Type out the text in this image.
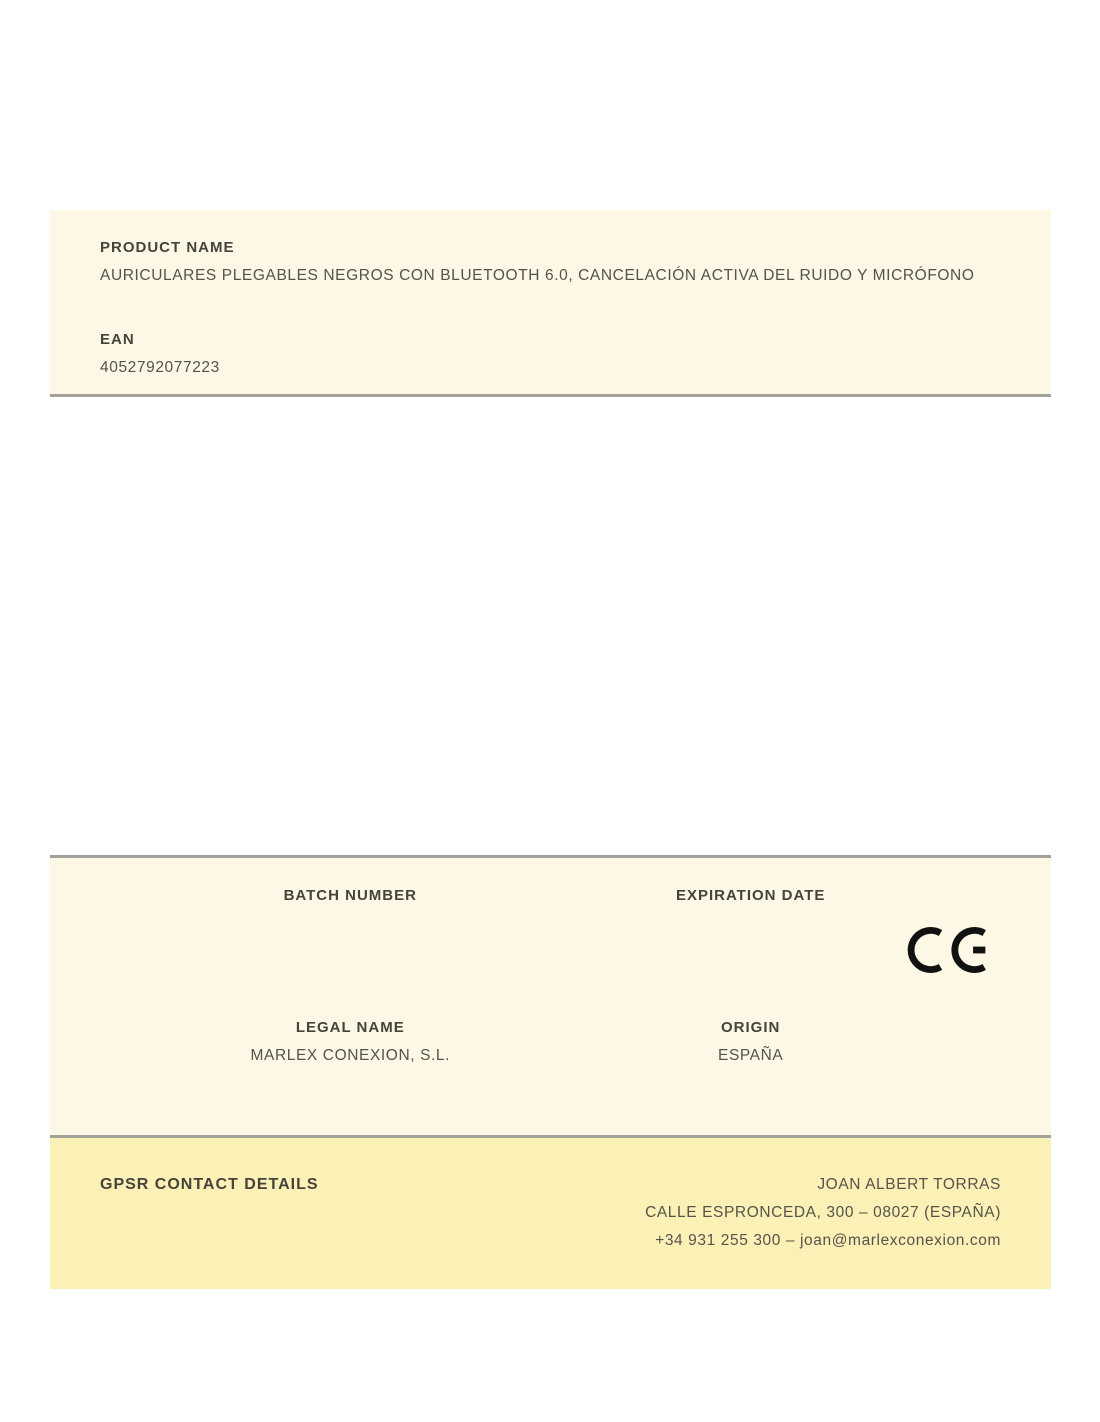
PRODUCT NAME
AURICULARES PLEGABLES NEGROS CON BLUETOOTH 6.0, CANCELACIÓN ACTIVA DEL RUIDO Y MICRÓFONO
EAN
4052792077223
BATCH NUMBER	EXPIRATION DATE
LEGAL NAME
MARLEX CONEXION, S.L.
ORIGIN
ESPAÑA
GPSR CONTACT DETAILS	JOAN ALBERT TORRAS
CALLE ESPRONCEDA, 300 – 08027 (ESPAÑA)
+34 931 255 300 – joan@marlexconexion.com
